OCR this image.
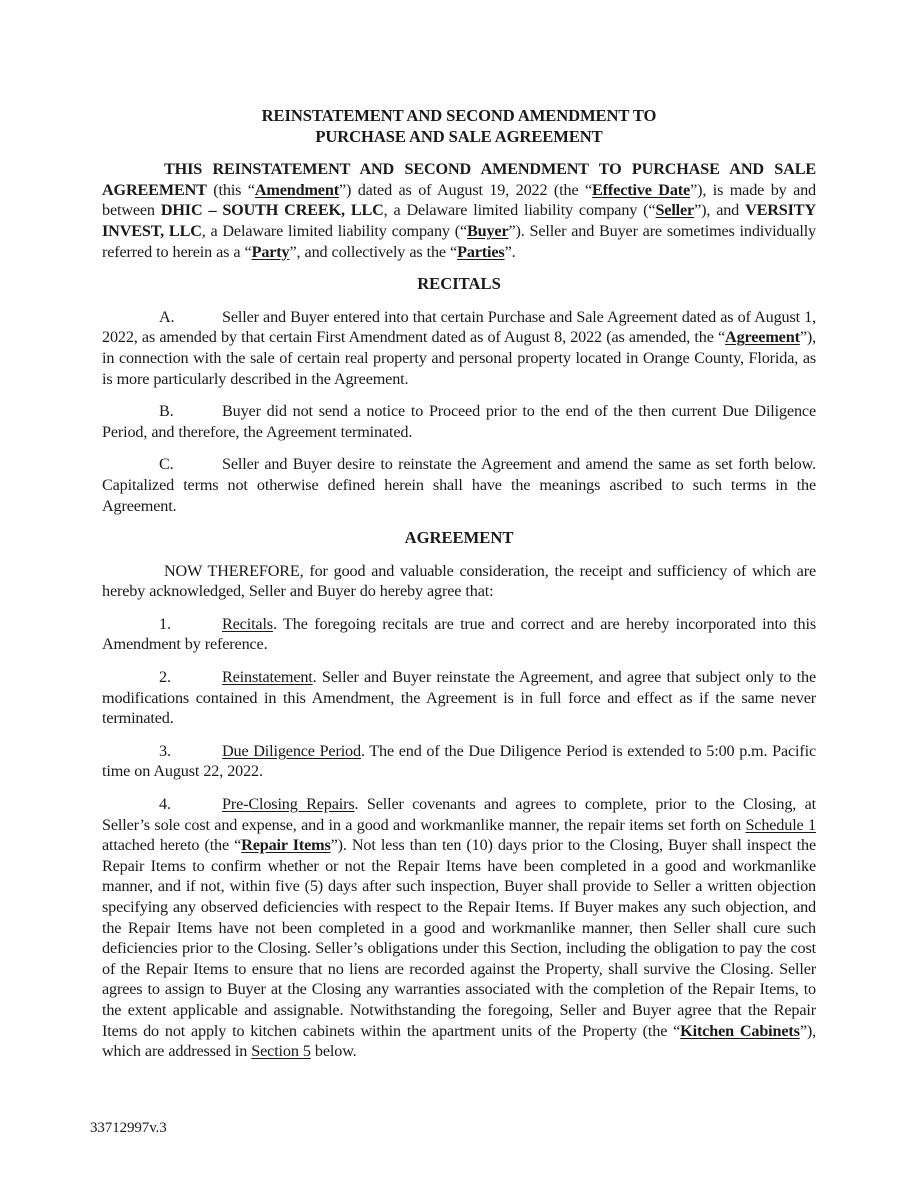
REINSTATEMENT AND SECOND AMENDMENT TO
PURCHASE AND SALE AGREEMENT

THIS REINSTATEMENT AND SECOND AMENDMENT TO PURCHASE AND SALE AGREEMENT (this “Amendment”) dated as of August 19, 2022 (the “Effective Date”), is made by and between DHIC – SOUTH CREEK, LLC, a Delaware limited liability company (“Seller”), and VERSITY INVEST, LLC, a Delaware limited liability company (“Buyer”). Seller and Buyer are sometimes individually referred to herein as a “Party”, and collectively as the “Parties”.

RECITALS

A.	Seller and Buyer entered into that certain Purchase and Sale Agreement dated as of August 1, 2022, as amended by that certain First Amendment dated as of August 8, 2022 (as amended, the “Agreement”), in connection with the sale of certain real property and personal property located in Orange County, Florida, as is more particularly described in the Agreement.

B.	Buyer did not send a notice to Proceed prior to the end of the then current Due Diligence Period, and therefore, the Agreement terminated.

C.	Seller and Buyer desire to reinstate the Agreement and amend the same as set forth below. Capitalized terms not otherwise defined herein shall have the meanings ascribed to such terms in the Agreement.

AGREEMENT

NOW THEREFORE, for good and valuable consideration, the receipt and sufficiency of which are hereby acknowledged, Seller and Buyer do hereby agree that:

1.	Recitals. The foregoing recitals are true and correct and are hereby incorporated into this Amendment by reference.

2.	Reinstatement. Seller and Buyer reinstate the Agreement, and agree that subject only to the modifications contained in this Amendment, the Agreement is in full force and effect as if the same never terminated.

3.	Due Diligence Period. The end of the Due Diligence Period is extended to 5:00 p.m. Pacific time on August 22, 2022.

4.	Pre-Closing Repairs. Seller covenants and agrees to complete, prior to the Closing, at Seller’s sole cost and expense, and in a good and workmanlike manner, the repair items set forth on Schedule 1 attached hereto (the “Repair Items”). Not less than ten (10) days prior to the Closing, Buyer shall inspect the Repair Items to confirm whether or not the Repair Items have been completed in a good and workmanlike manner, and if not, within five (5) days after such inspection, Buyer shall provide to Seller a written objection specifying any observed deficiencies with respect to the Repair Items. If Buyer makes any such objection, and the Repair Items have not been completed in a good and workmanlike manner, then Seller shall cure such deficiencies prior to the Closing. Seller’s obligations under this Section, including the obligation to pay the cost of the Repair Items to ensure that no liens are recorded against the Property, shall survive the Closing. Seller agrees to assign to Buyer at the Closing any warranties associated with the completion of the Repair Items, to the extent applicable and assignable. Notwithstanding the foregoing, Seller and Buyer agree that the Repair Items do not apply to kitchen cabinets within the apartment units of the Property (the “Kitchen Cabinets”), which are addressed in Section 5 below.

33712997v.3
